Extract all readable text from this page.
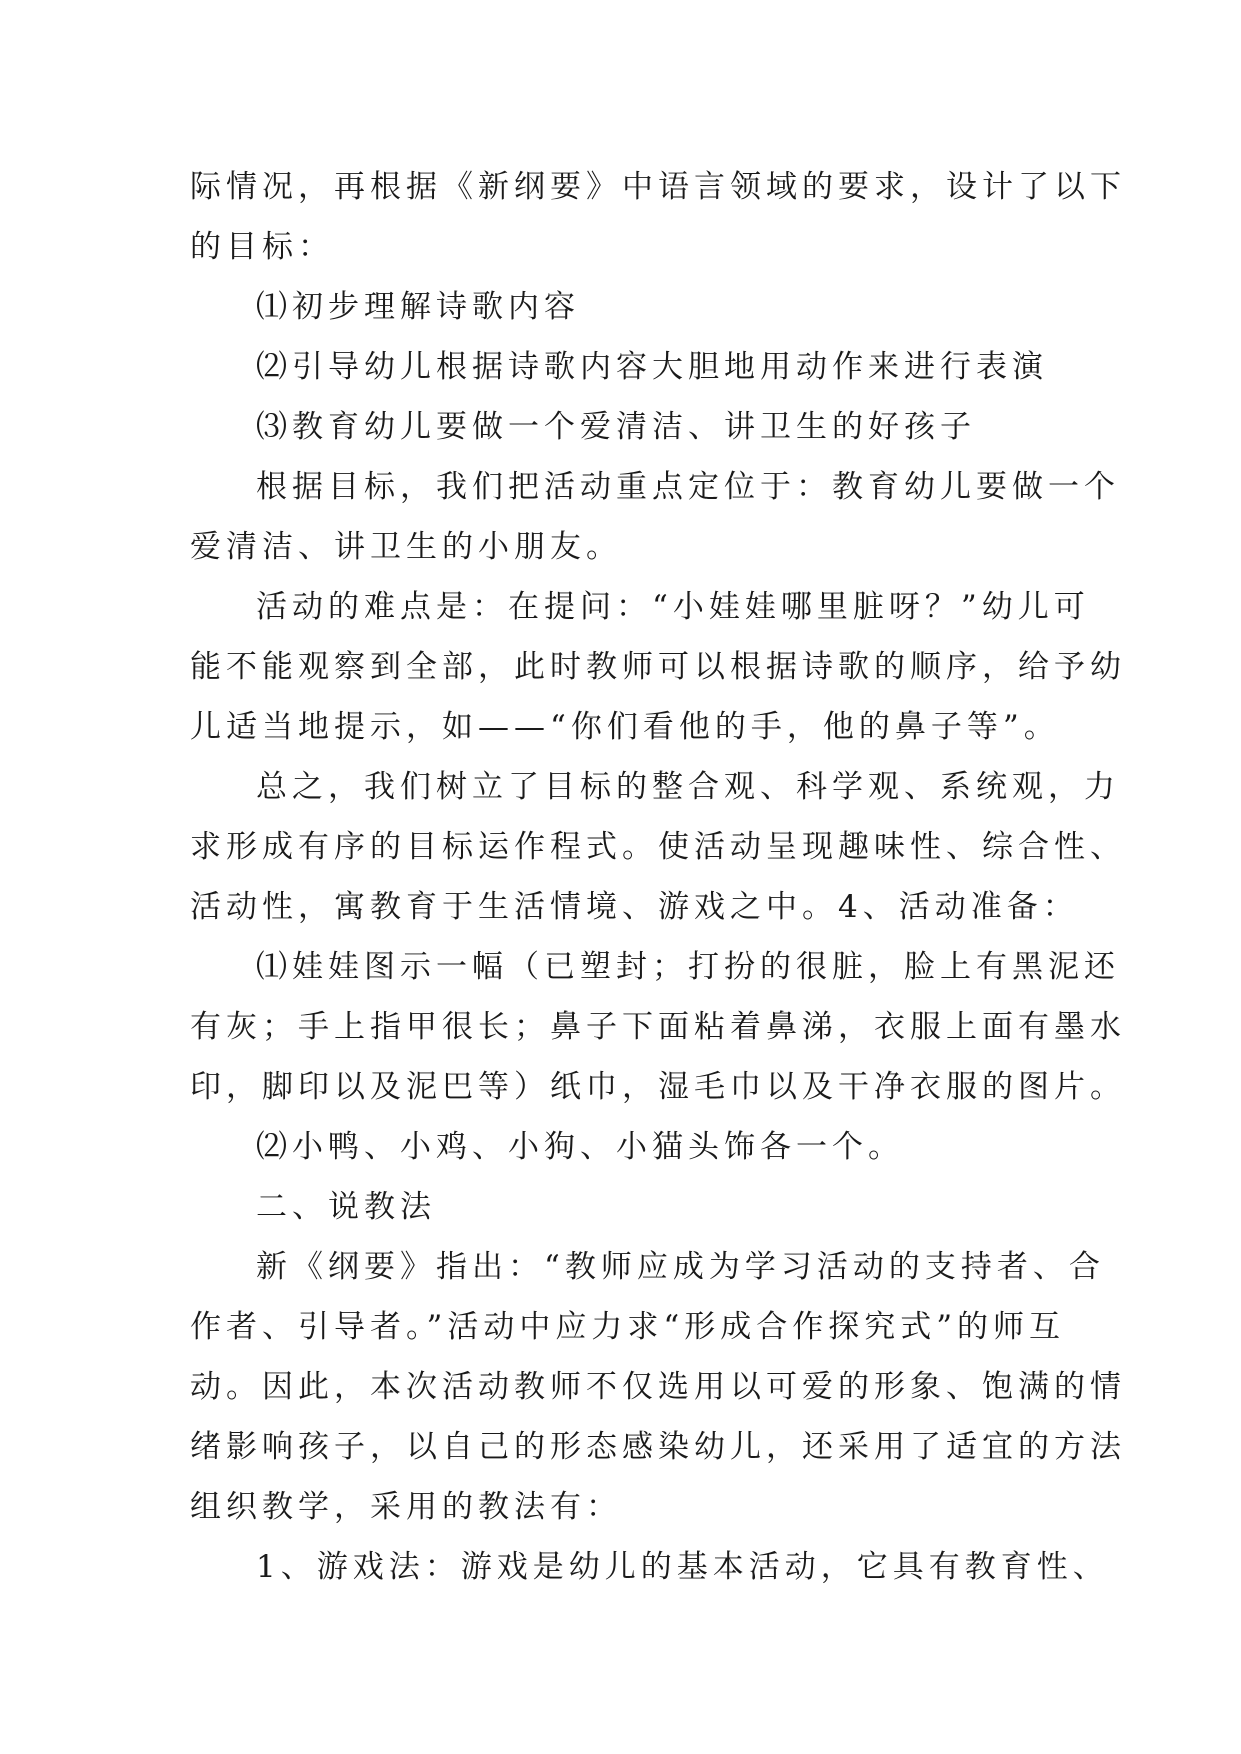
际情况，再根据《新纲要》中语言领域的要求，设计了以下
的目标：
⑴初步理解诗歌内容
⑵引导幼儿根据诗歌内容大胆地用动作来进行表演
⑶教育幼儿要做一个爱清洁、讲卫生的好孩子
根据目标，我们把活动重点定位于：教育幼儿要做一个
爱清洁、讲卫生的小朋友。
活动的难点是：在提问：“小娃娃哪里脏呀？”幼儿可
能不能观察到全部，此时教师可以根据诗歌的顺序，给予幼
儿适当地提示，如——“你们看他的手，他的鼻子等”。
总之，我们树立了目标的整合观、科学观、系统观，力
求形成有序的目标运作程式。使活动呈现趣味性、综合性、
活动性，寓教育于生活情境、游戏之中。4、活动准备：
⑴娃娃图示一幅（已塑封；打扮的很脏，脸上有黑泥还
有灰；手上指甲很长；鼻子下面粘着鼻涕，衣服上面有墨水
印，脚印以及泥巴等）纸巾，湿毛巾以及干净衣服的图片。
⑵小鸭、小鸡、小狗、小猫头饰各一个。
二、说教法
新《纲要》指出：“教师应成为学习活动的支持者、合
作者、引导者。”活动中应力求“形成合作探究式”的师互
动。因此，本次活动教师不仅选用以可爱的形象、饱满的情
绪影响孩子，以自己的形态感染幼儿，还采用了适宜的方法
组织教学，采用的教法有：
1、游戏法：游戏是幼儿的基本活动，它具有教育性、
